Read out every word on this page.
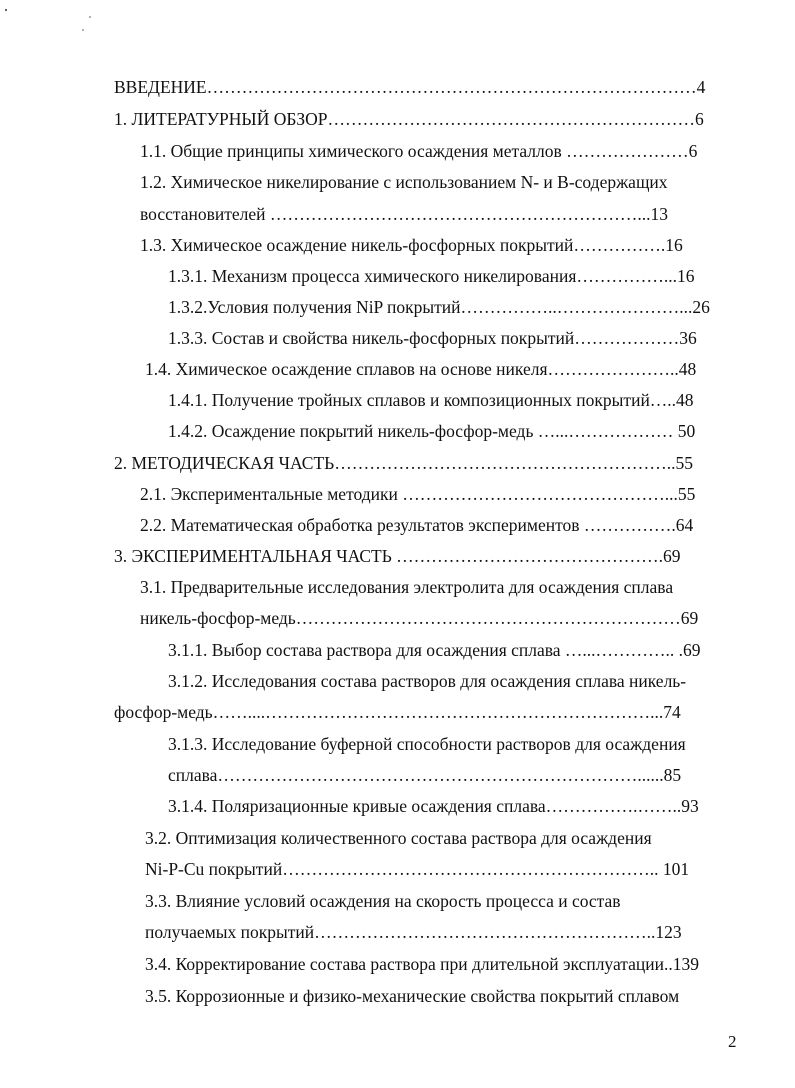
ВВЕДЕНИЕ…………………………………………………………………………4
1. ЛИТЕРАТУРНЫЙ ОБЗОР………………………………………………………6
1.1. Общие принципы химического осаждения металлов …………………6
1.2. Химическое никелирование с использованием N- и В-содержащих
восстановителей ………………………………………………………...13
1.3. Химическое осаждение никель-фосфорных покрытий…………….16
1.3.1. Механизм процесса химического никелирования……………...16
1.3.2.Условия получения NiP покрытий……………..…………………...26
1.3.3. Состав и свойства никель-фосфорных покрытий………………36
1.4. Химическое осаждение сплавов на основе никеля…………………..48
1.4.1. Получение тройных сплавов и композиционных покрытий…..48
1.4.2. Осаждение покрытий никель-фосфор-медь …...……………… 50
2. МЕТОДИЧЕСКАЯ ЧАСТЬ…………………………………………………..55
2.1. Экспериментальные методики ………………………………………...55
2.2. Математическая обработка результатов экспериментов …………….64
3. ЭКСПЕРИМЕНТАЛЬНАЯ ЧАСТЬ ……………………………………….69
3.1. Предварительные исследования электролита для осаждения сплава
никель-фосфор-медь…………………………………………………………69
3.1.1. Выбор состава раствора для осаждения сплава …...………….. .69
3.1.2. Исследования состава растворов для осаждения сплава никель-
фосфор-медь……....…………………………………………………………...74
3.1.3. Исследование буферной способности растворов для осаждения
сплава………………………………………………………………......85
3.1.4. Поляризационные кривые осаждения сплава…………….……..93
3.2. Оптимизация количественного состава раствора для осаждения
Ni-P-Cu покрытий……………………………………………………….. 101
3.3. Влияние условий осаждения на скорость процесса и состав
получаемых покрытий…………………………………………………..123
3.4. Корректирование состава раствора при длительной эксплуатации..139
3.5. Коррозионные и физико-механические свойства покрытий сплавом
2
